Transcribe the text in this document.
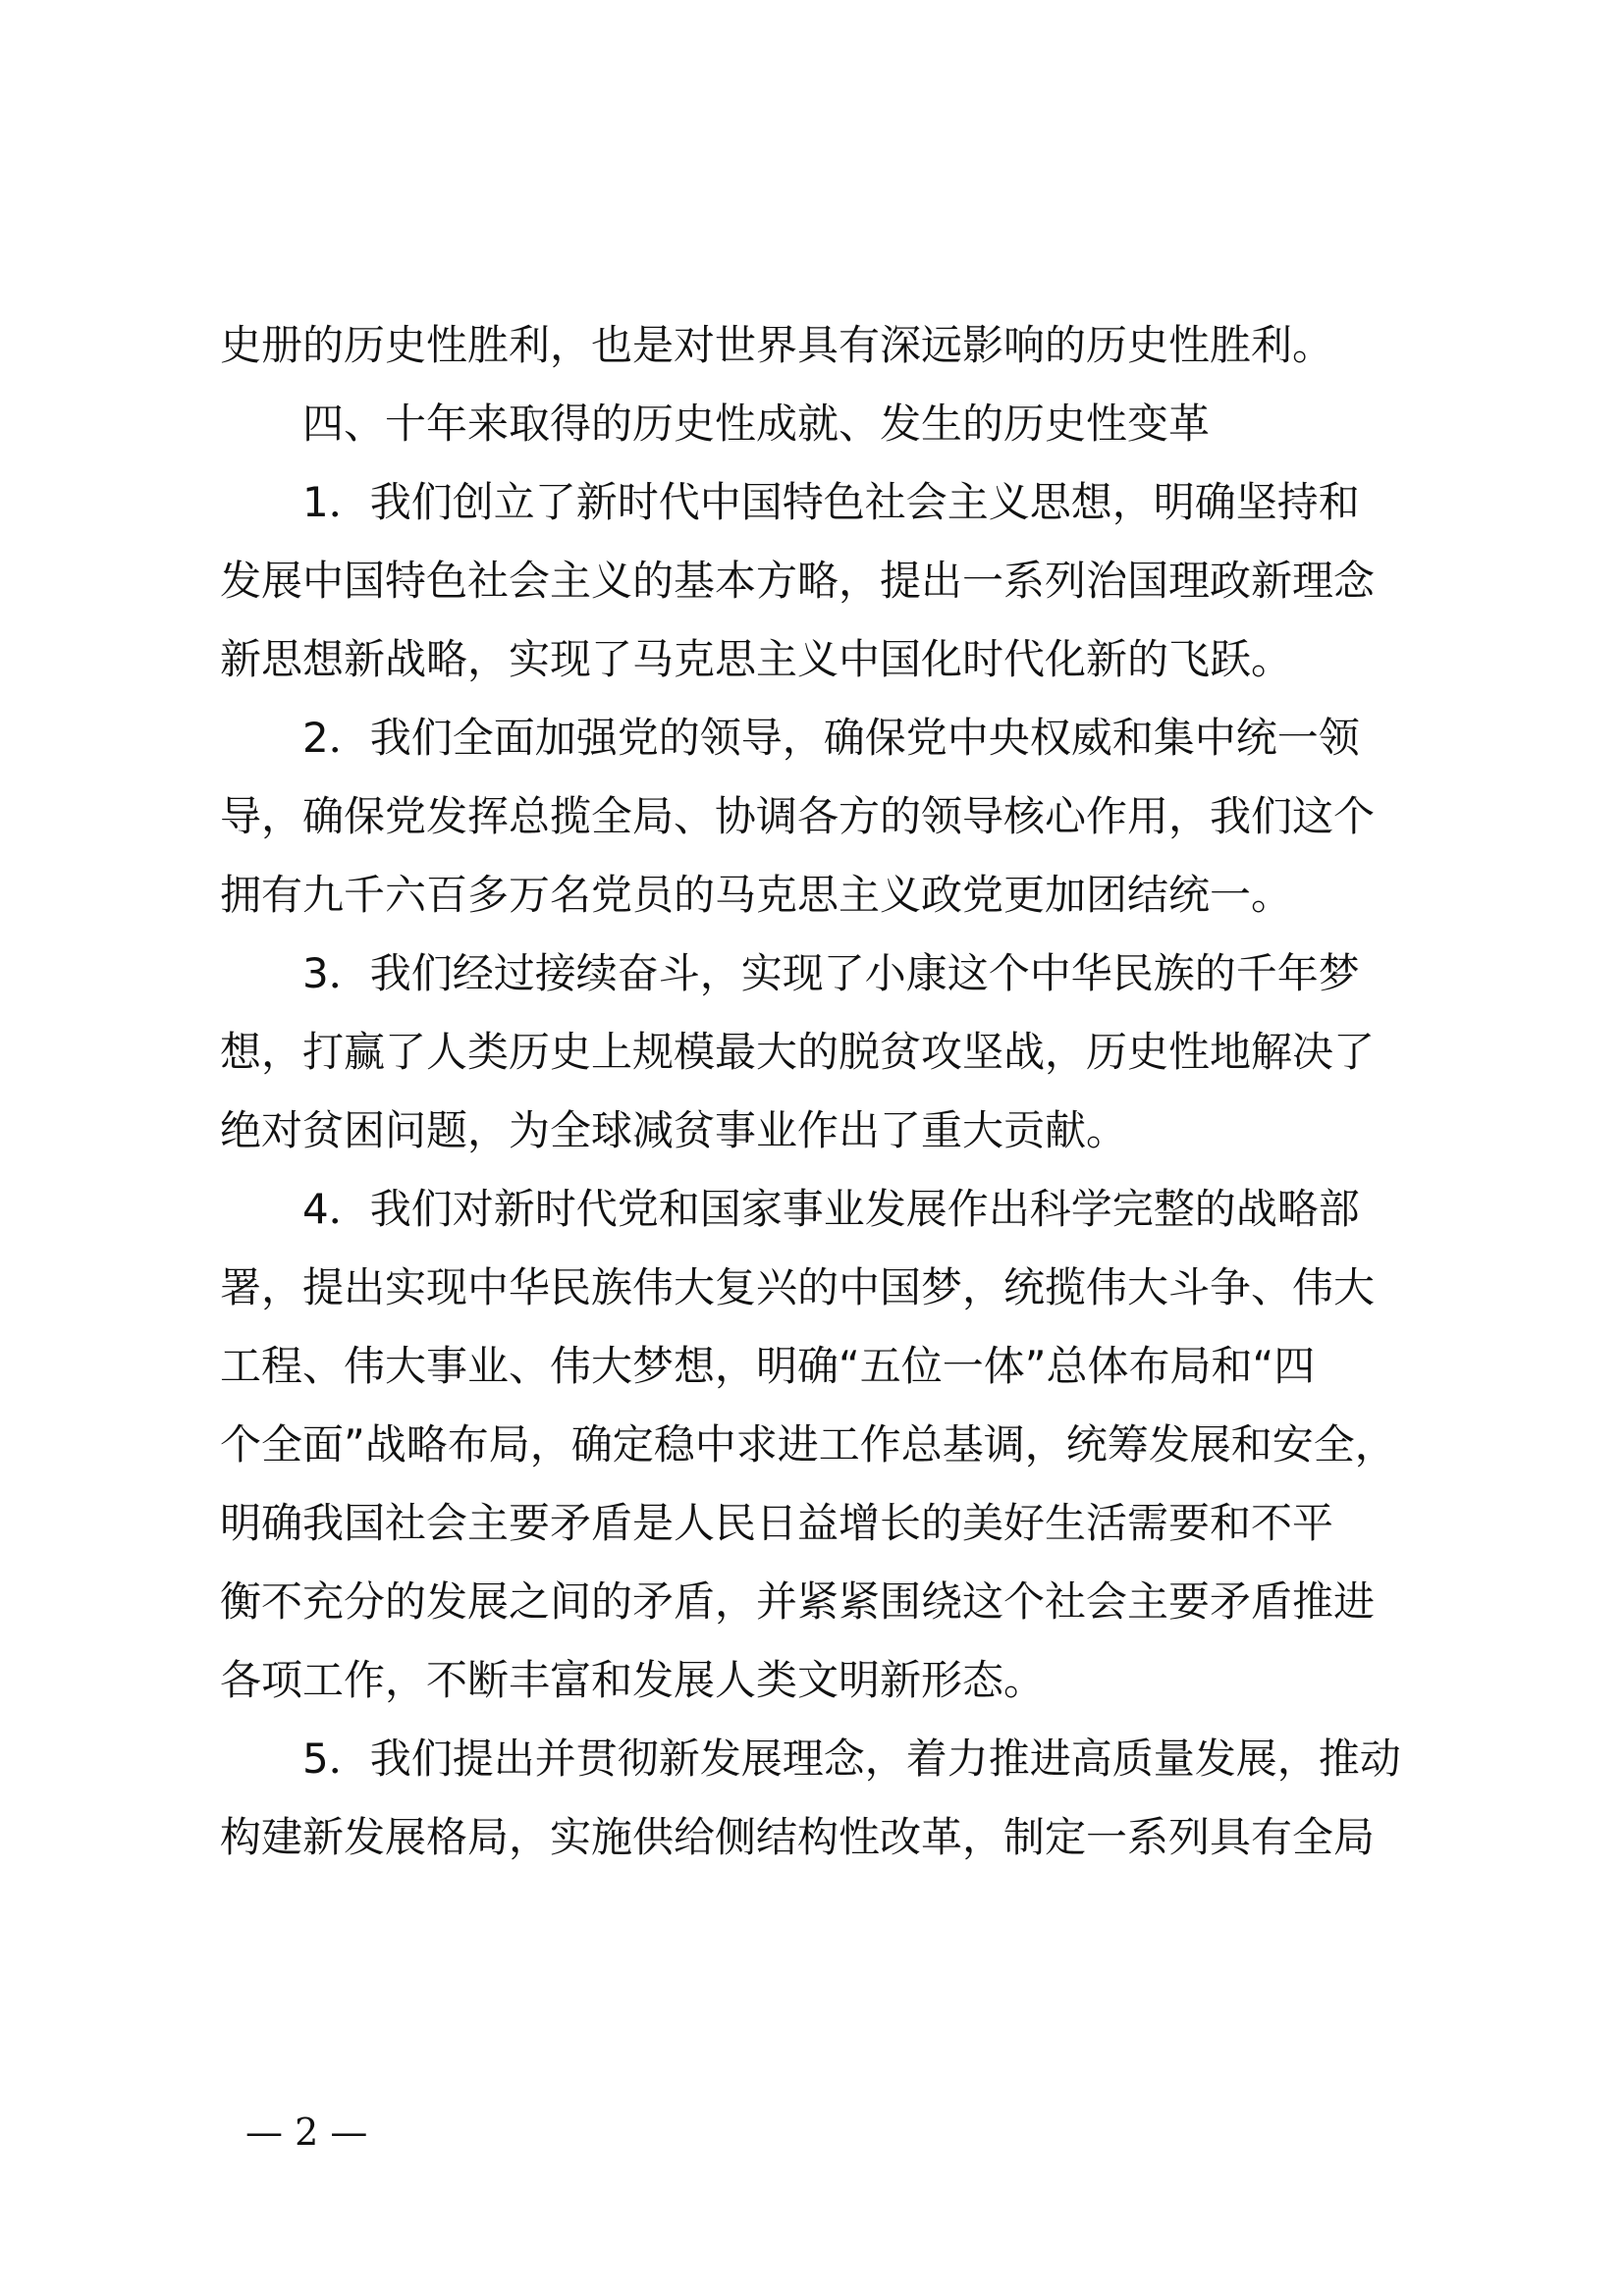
史册的历史性胜利，也是对世界具有深远影响的历史性胜利。
四、十年来取得的历史性成就、发生的历史性变革
1．我们创立了新时代中国特色社会主义思想，明确坚持和
发展中国特色社会主义的基本方略，提出一系列治国理政新理念
新思想新战略，实现了马克思主义中国化时代化新的飞跃。
2．我们全面加强党的领导，确保党中央权威和集中统一领
导，确保党发挥总揽全局、协调各方的领导核心作用，我们这个
拥有九千六百多万名党员的马克思主义政党更加团结统一。
3．我们经过接续奋斗，实现了小康这个中华民族的千年梦
想，打赢了人类历史上规模最大的脱贫攻坚战，历史性地解决了
绝对贫困问题，为全球减贫事业作出了重大贡献。
4．我们对新时代党和国家事业发展作出科学完整的战略部
署，提出实现中华民族伟大复兴的中国梦，统揽伟大斗争、伟大
工程、伟大事业、伟大梦想，明确“五位一体”总体布局和“四
个全面”战略布局，确定稳中求进工作总基调，统筹发展和安全，
明确我国社会主要矛盾是人民日益增长的美好生活需要和不平
衡不充分的发展之间的矛盾，并紧紧围绕这个社会主要矛盾推进
各项工作，不断丰富和发展人类文明新形态。
5．我们提出并贯彻新发展理念，着力推进高质量发展，推动
构建新发展格局，实施供给侧结构性改革，制定一系列具有全局
— 2 —
